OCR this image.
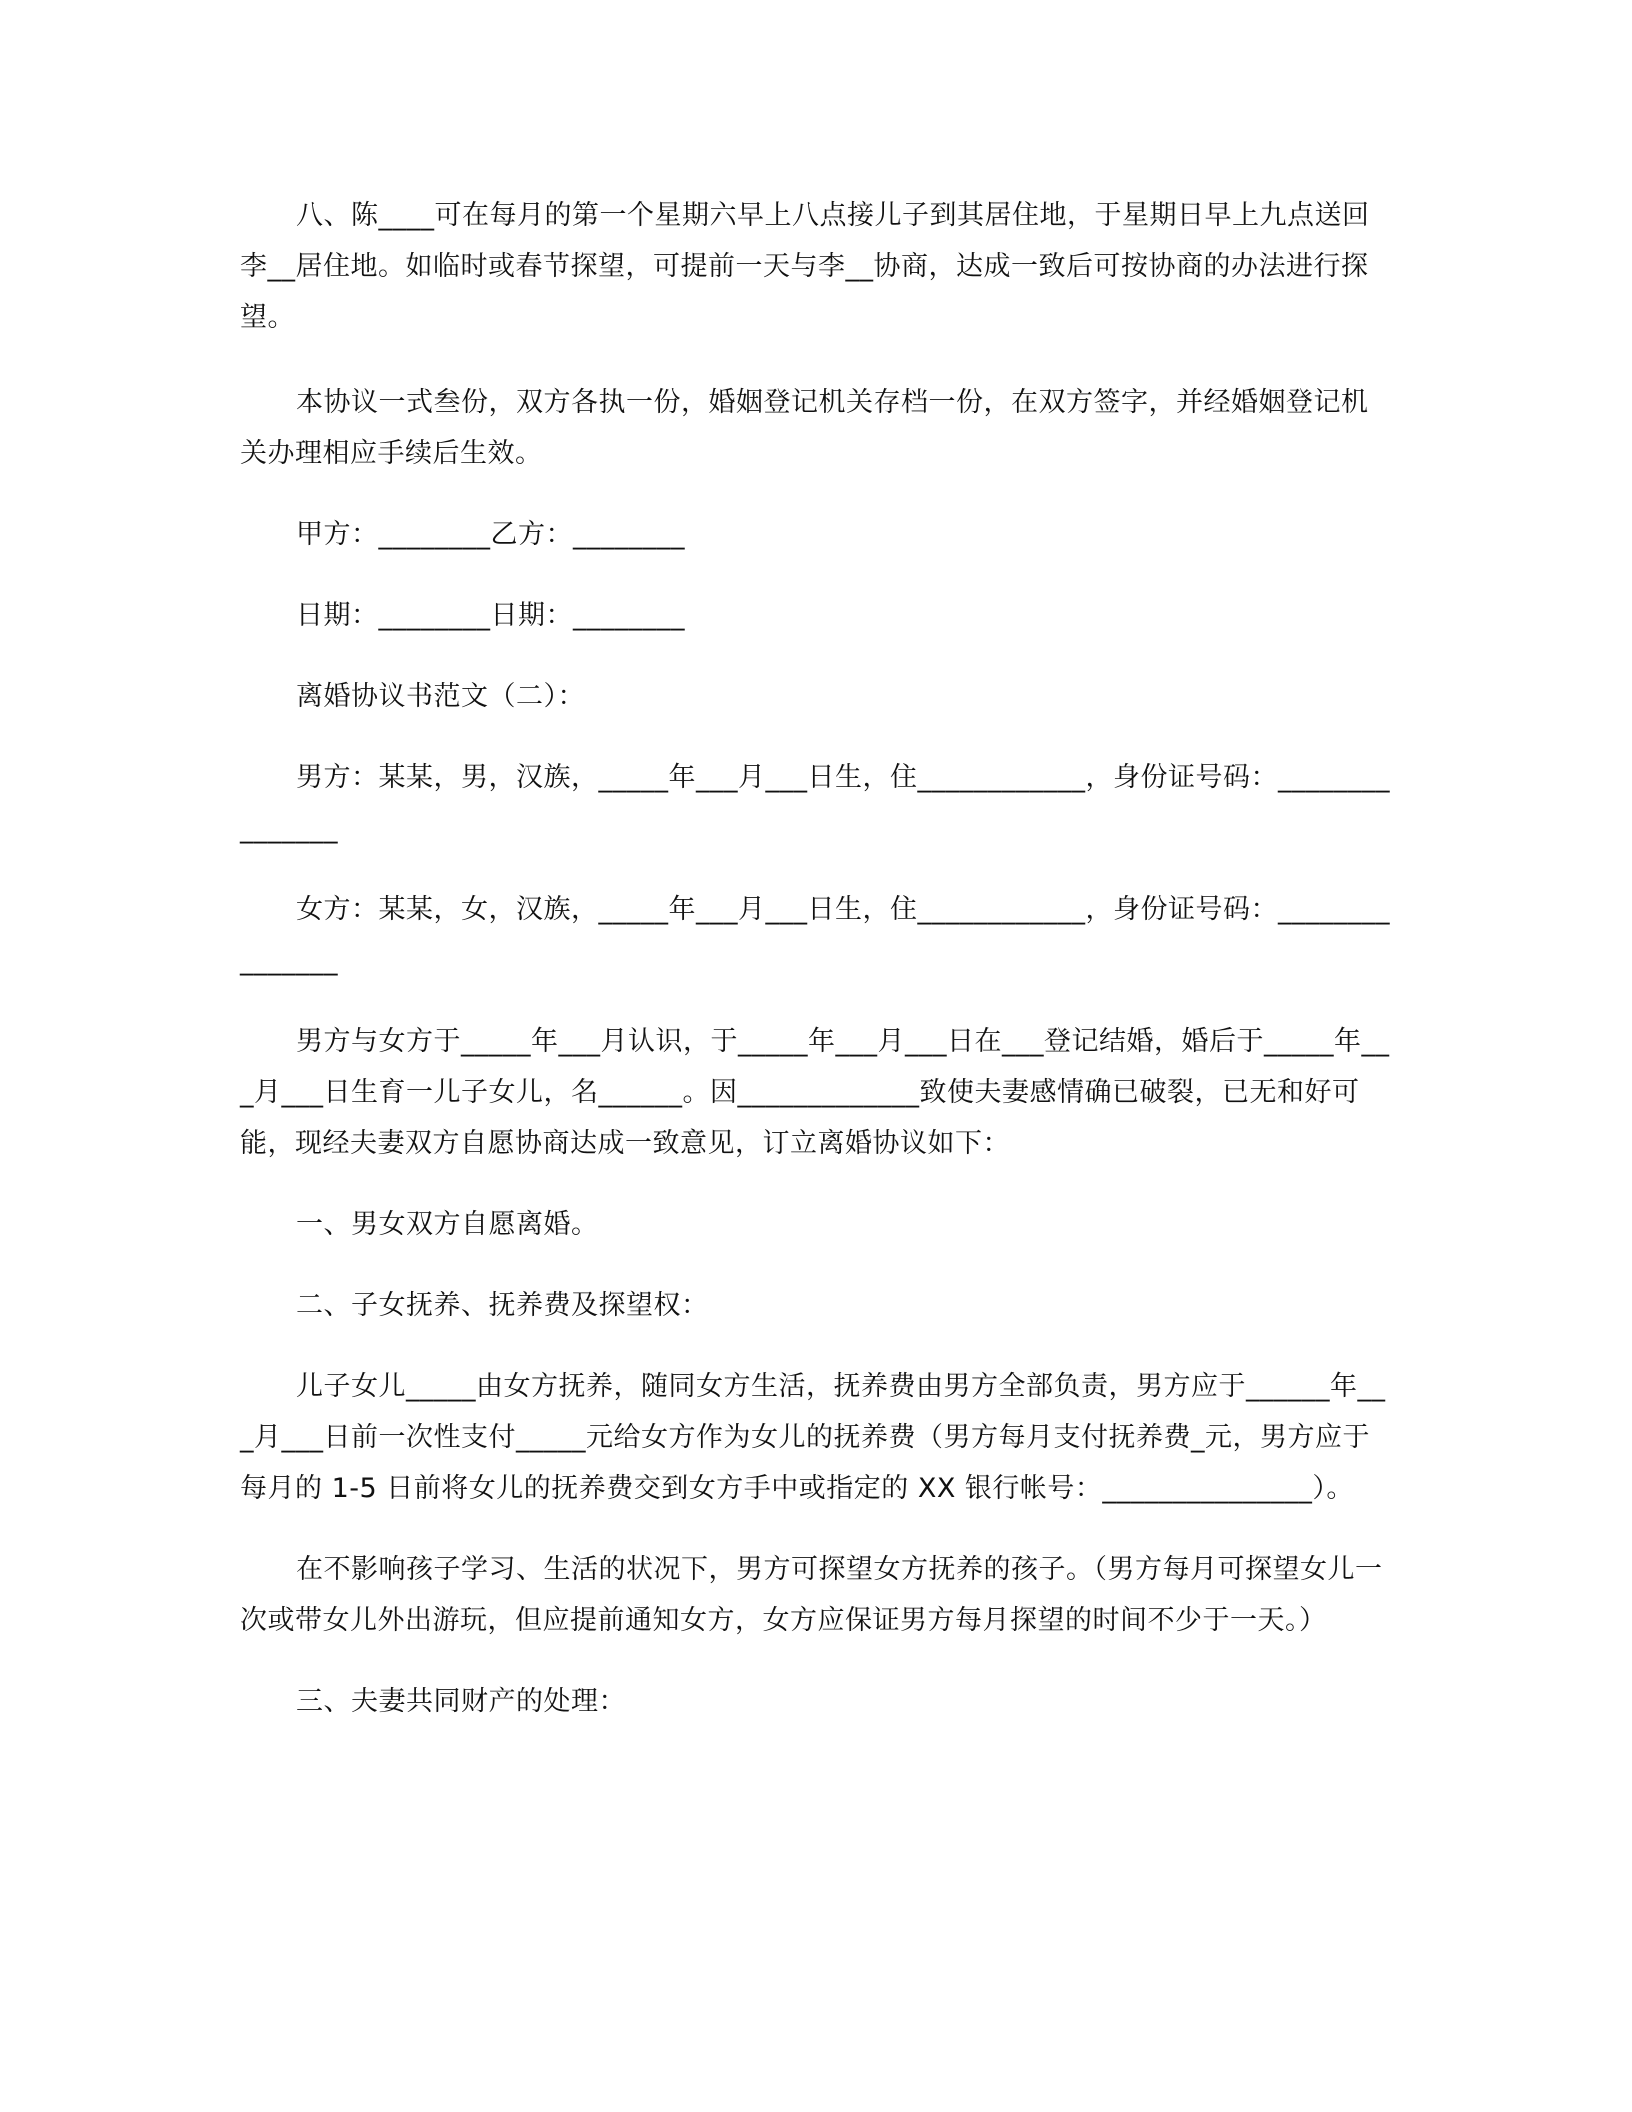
八、陈____可在每月的第一个星期六早上八点接儿子到其居住地，于星期日早上九点送回李__居住地。如临时或春节探望，可提前一天与李__协商，达成一致后可按协商的办法进行探望。

本协议一式叁份，双方各执一份，婚姻登记机关存档一份，在双方签字，并经婚姻登记机关办理相应手续后生效。

甲方：________乙方：________

日期：________日期：________

离婚协议书范文（二）：

男方：某某，男，汉族，_____年___月___日生，住____________，身份证号码：_______________

女方：某某，女，汉族，_____年___月___日生，住____________，身份证号码：_______________

男方与女方于_____年___月认识，于_____年___月___日在___登记结婚，婚后于_____年___月___日生育一儿子女儿，名______。因_____________致使夫妻感情确已破裂，已无和好可能，现经夫妻双方自愿协商达成一致意见，订立离婚协议如下：

一、男女双方自愿离婚。

二、子女抚养、抚养费及探望权：

儿子女儿_____由女方抚养，随同女方生活，抚养费由男方全部负责，男方应于______年___月___日前一次性支付_____元给女方作为女儿的抚养费（男方每月支付抚养费_元，男方应于每月的 1-5 日前将女儿的抚养费交到女方手中或指定的 XX 银行帐号：_______________）。

在不影响孩子学习、生活的状况下，男方可探望女方抚养的孩子。（男方每月可探望女儿一次或带女儿外出游玩，但应提前通知女方，女方应保证男方每月探望的时间不少于一天。）

三、夫妻共同财产的处理：
